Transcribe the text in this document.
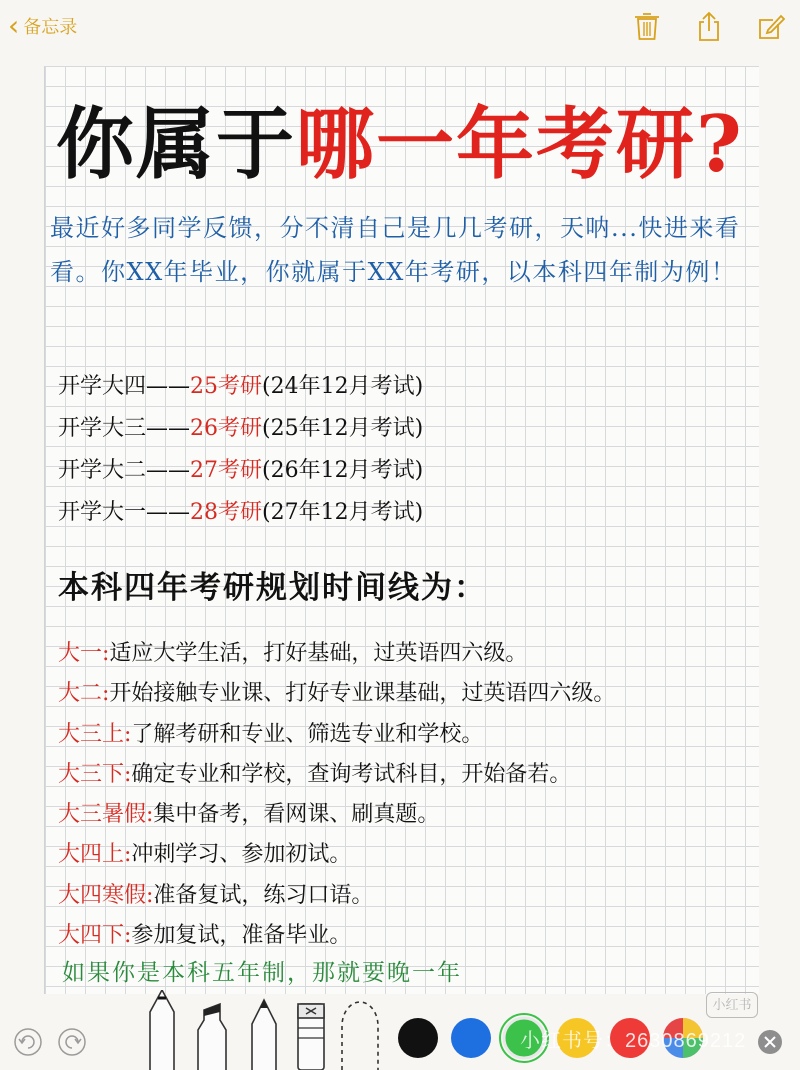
‹ 备忘录
你属于哪一年考研?
最近好多同学反馈，分不清自己是几几考研，天呐...快进来看看。你XX年毕业，你就属于XX年考研，以本科四年制为例！
开学大四——25考研(24年12月考试)
开学大三——26考研(25年12月考试)
开学大二——27考研(26年12月考试)
开学大一——28考研(27年12月考试)
本科四年考研规划时间线为：
大一:适应大学生活，打好基础，过英语四六级。
大二:开始接触专业课、打好专业课基础，过英语四六级。
大三上:了解考研和专业、筛选专业和学校。
大三下:确定专业和学校，查询考试科目，开始备若。
大三暑假:集中备考，看网课、刷真题。
大四上:冲刺学习、参加初试。
大四寒假:准备复试，练习口语。
大四下:参加复试，准备毕业。
如果你是本科五年制，那就要晚一年
小红书
小红书号：2630869212
